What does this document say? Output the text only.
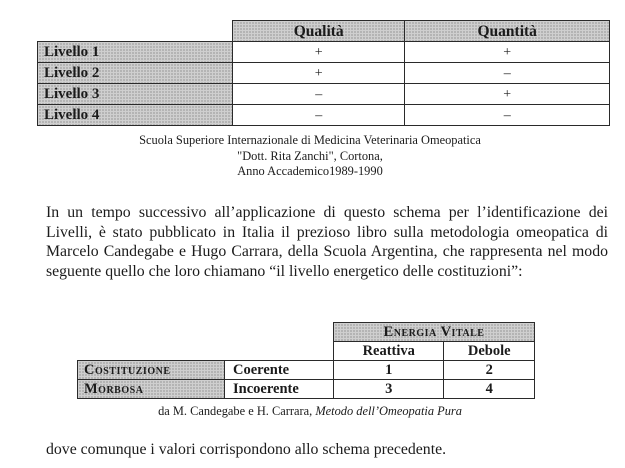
	Qualità	Quantità
Livello 1	+	+
Livello 2	+	–
Livello 3	–	+
Livello 4	–	–
Scuola Superiore Internazionale di Medicina Veterinaria Omeopatica
"Dott. Rita Zanchi", Cortona,
Anno Accademico1989-1990
In un tempo successivo all’applicazione di questo schema per l’identificazione dei Livelli, è stato pubblicato in Italia il prezioso libro sulla metodologia omeopatica di Marcelo Candegabe e Hugo Carrara, della Scuola Argentina, che rappresenta nel modo seguente quello che loro chiamano “il livello energetico delle costituzioni”:
		Energia Vitale	
		Reattiva	Debole
Costituzione	Coerente	1	2
Morbosa	Incoerente	3	4
da M. Candegabe e H. Carrara, Metodo dell’Omeopatia Pura
dove comunque i valori corrispondono allo schema precedente.
